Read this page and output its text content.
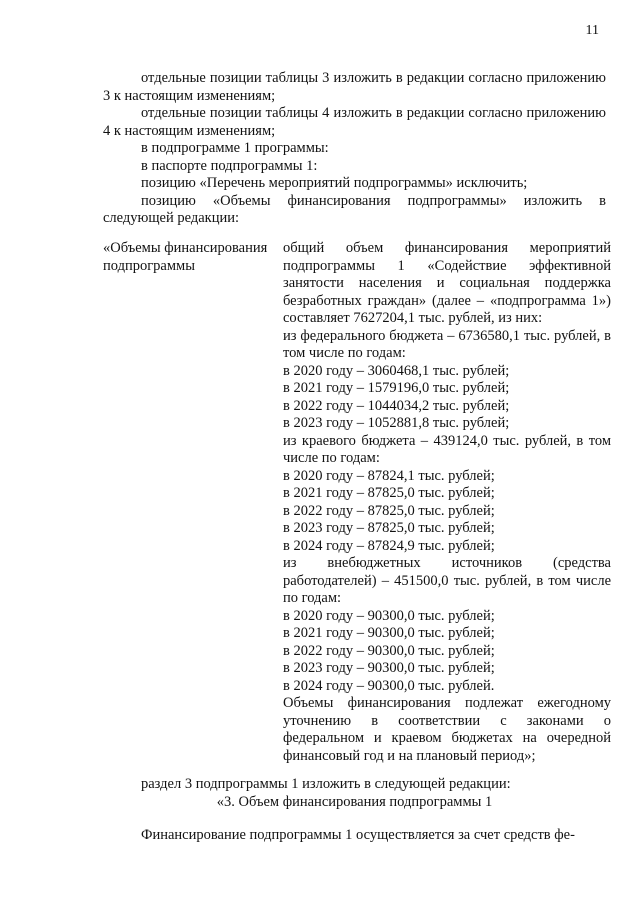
11

отдельные позиции таблицы 3 изложить в редакции согласно приложению 3 к настоящим изменениям;

отдельные позиции таблицы 4 изложить в редакции согласно приложению 4 к настоящим изменениям;

в подпрограмме 1 программы:

в паспорте подпрограммы 1:

позицию «Перечень мероприятий подпрограммы» исключить;

позицию «Объемы финансирования подпрограммы» изложить в следующей редакции:

«Объемы финансирования подпрограммы

общий объем финансирования мероприятий подпрограммы 1 «Содействие эффективной занятости населения и социальная поддержка безработных граждан» (далее – «подпрограмма 1») составляет 7627204,1 тыс. рублей, из них:

из федерального бюджета – 6736580,1 тыс. рублей, в том числе по годам:

в 2020 году – 3060468,1 тыс. рублей;

в 2021 году – 1579196,0 тыс. рублей;

в 2022 году – 1044034,2 тыс. рублей;

в 2023 году – 1052881,8 тыс. рублей;

из краевого бюджета – 439124,0 тыс. рублей, в том числе по годам:

в 2020 году – 87824,1 тыс. рублей;

в 2021 году – 87825,0 тыс. рублей;

в 2022 году – 87825,0 тыс. рублей;

в 2023 году – 87825,0 тыс. рублей;

в 2024 году – 87824,9 тыс. рублей;

из внебюджетных источников (средства работодателей) – 451500,0 тыс. рублей, в том числе по годам:

в 2020 году – 90300,0 тыс. рублей;

в 2021 году – 90300,0 тыс. рублей;

в 2022 году – 90300,0 тыс. рублей;

в 2023 году – 90300,0 тыс. рублей;

в 2024 году – 90300,0 тыс. рублей.

Объемы финансирования подлежат ежегодному уточнению в соответствии с законами о федеральном и краевом бюджетах на очередной финансовый год и на плановый период»;

раздел 3 подпрограммы 1 изложить в следующей редакции:

«3. Объем финансирования подпрограммы 1

Финансирование подпрограммы 1 осуществляется за счет средств фе-
